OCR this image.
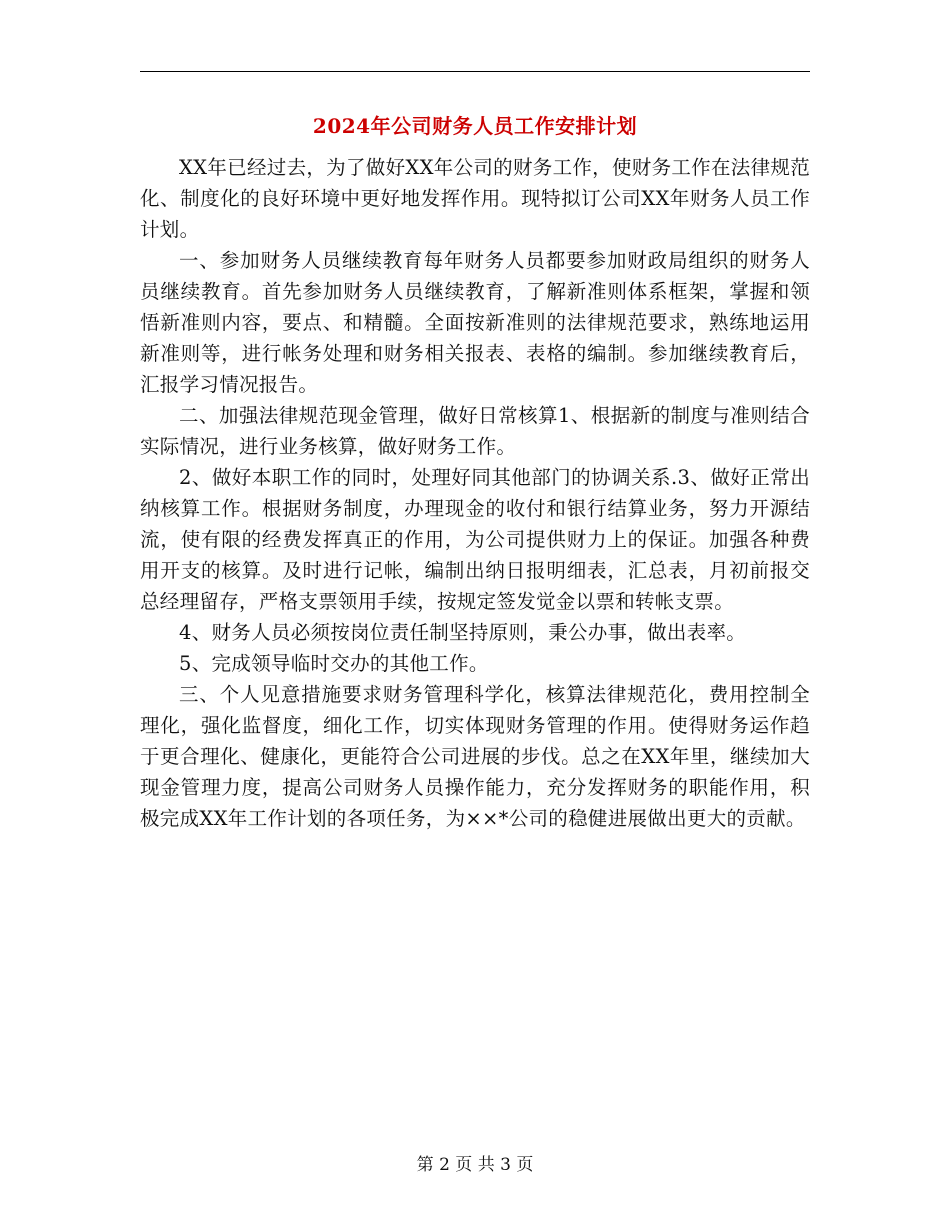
2024年公司财务人员工作安排计划

XX年已经过去，为了做好XX年公司的财务工作，使财务工作在法律规范化、制度化的良好环境中更好地发挥作用。现特拟订公司XX年财务人员工作计划。

一、参加财务人员继续教育每年财务人员都要参加财政局组织的财务人员继续教育。首先参加财务人员继续教育，了解新准则体系框架，掌握和领悟新准则内容，要点、和精髓。全面按新准则的法律规范要求，熟练地运用新准则等，进行帐务处理和财务相关报表、表格的编制。参加继续教育后，汇报学习情况报告。

二、加强法律规范现金管理，做好日常核算1、根据新的制度与准则结合实际情况，进行业务核算，做好财务工作。

2、做好本职工作的同时，处理好同其他部门的协调关系.3、做好正常出纳核算工作。根据财务制度，办理现金的收付和银行结算业务，努力开源结流，使有限的经费发挥真正的作用，为公司提供财力上的保证。加强各种费用开支的核算。及时进行记帐，编制出纳日报明细表，汇总表，月初前报交总经理留存，严格支票领用手续，按规定签发觉金以票和转帐支票。

4、财务人员必须按岗位责任制坚持原则，秉公办事，做出表率。

5、完成领导临时交办的其他工作。

三、个人见意措施要求财务管理科学化，核算法律规范化，费用控制全理化，强化监督度，细化工作，切实体现财务管理的作用。使得财务运作趋于更合理化、健康化，更能符合公司进展的步伐。总之在XX年里，继续加大现金管理力度，提高公司财务人员操作能力，充分发挥财务的职能作用，积极完成XX年工作计划的各项任务，为××*公司的稳健进展做出更大的贡献。

第 2 页 共 3 页
